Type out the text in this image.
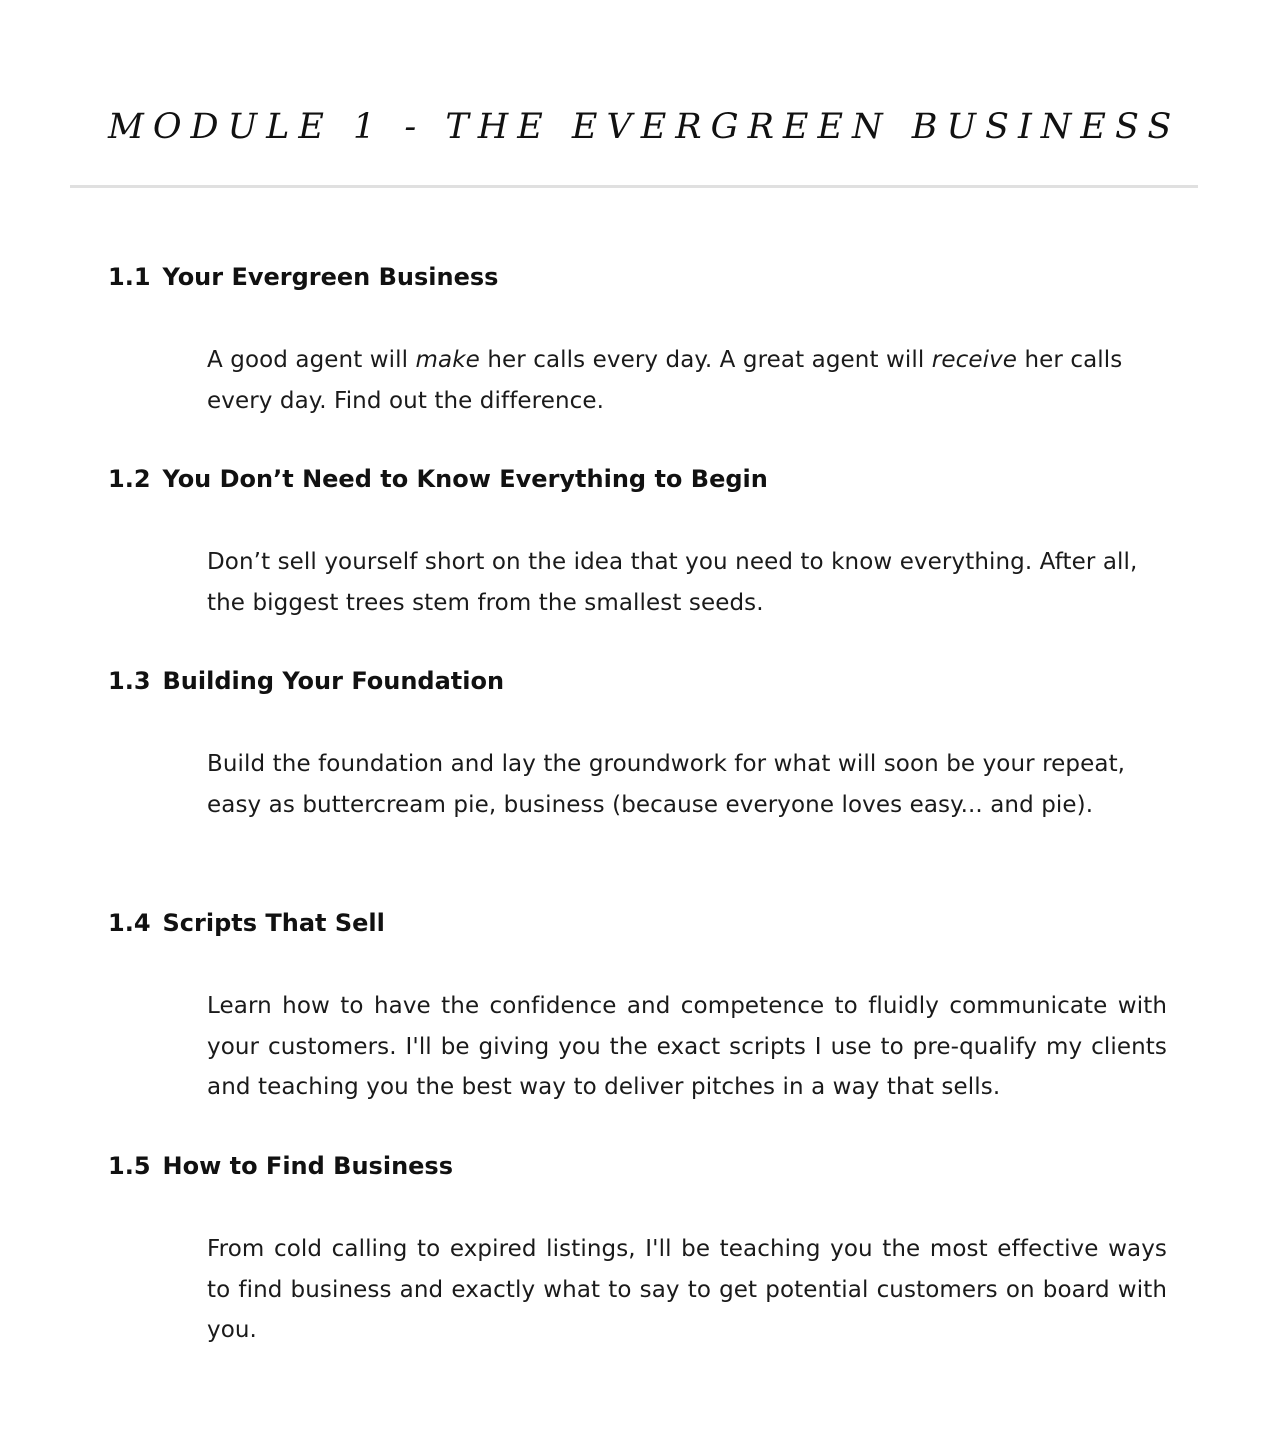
MODULE 1 - THE EVERGREEN BUSINESS
1.1 Your Evergreen Business

A good agent will make her calls every day. A great agent will receive her calls every day. Find out the difference.

1.2 You Don’t Need to Know Everything to Begin

Don’t sell yourself short on the idea that you need to know everything. After all, the biggest trees stem from the smallest seeds.

1.3 Building Your Foundation

Build the foundation and lay the groundwork for what will soon be your repeat, easy as buttercream pie, business (because everyone loves easy... and pie).

1.4 Scripts That Sell

Learn how to have the confidence and competence to fluidly communicate with your customers. I'll be giving you the exact scripts I use to pre-qualify my clients and teaching you the best way to deliver pitches in a way that sells.

1.5 How to Find Business

From cold calling to expired listings, I'll be teaching you the most effective ways to find business and exactly what to say to get potential customers on board with you.
